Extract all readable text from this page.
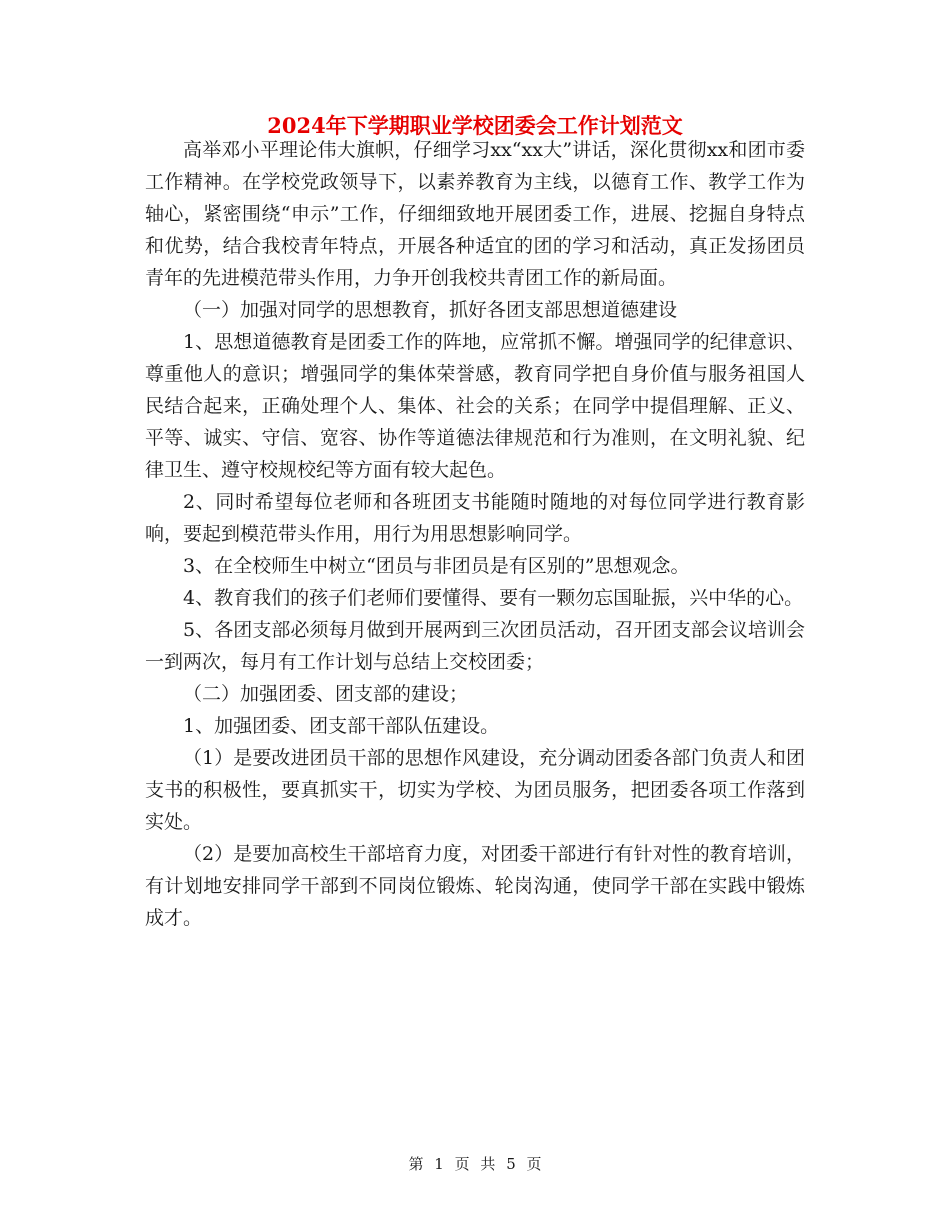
2024年下学期职业学校团委会工作计划范文

高举邓小平理论伟大旗帜，仔细学习xx“xx大”讲话，深化贯彻xx和团市委工作精神。在学校党政领导下，以素养教育为主线，以德育工作、教学工作为轴心，紧密围绕“申示”工作，仔细细致地开展团委工作，进展、挖掘自身特点和优势，结合我校青年特点，开展各种适宜的团的学习和活动，真正发扬团员青年的先进模范带头作用，力争开创我校共青团工作的新局面。

（一）加强对同学的思想教育，抓好各团支部思想道德建设

1、思想道德教育是团委工作的阵地，应常抓不懈。增强同学的纪律意识、尊重他人的意识；增强同学的集体荣誉感，教育同学把自身价值与服务祖国人民结合起来，正确处理个人、集体、社会的关系；在同学中提倡理解、正义、平等、诚实、守信、宽容、协作等道德法律规范和行为准则，在文明礼貌、纪律卫生、遵守校规校纪等方面有较大起色。

2、同时希望每位老师和各班团支书能随时随地的对每位同学进行教育影响，要起到模范带头作用，用行为用思想影响同学。

3、在全校师生中树立“团员与非团员是有区别的”思想观念。

4、教育我们的孩子们老师们要懂得、要有一颗勿忘国耻振，兴中华的心。

5、各团支部必须每月做到开展两到三次团员活动，召开团支部会议培训会一到两次，每月有工作计划与总结上交校团委；

（二）加强团委、团支部的建设；

1、加强团委、团支部干部队伍建设。

（1）是要改进团员干部的思想作风建设，充分调动团委各部门负责人和团支书的积极性，要真抓实干，切实为学校、为团员服务，把团委各项工作落到实处。

（2）是要加高校生干部培育力度，对团委干部进行有针对性的教育培训，有计划地安排同学干部到不同岗位锻炼、轮岗沟通，使同学干部在实践中锻炼成才。

第 1 页 共 5 页
